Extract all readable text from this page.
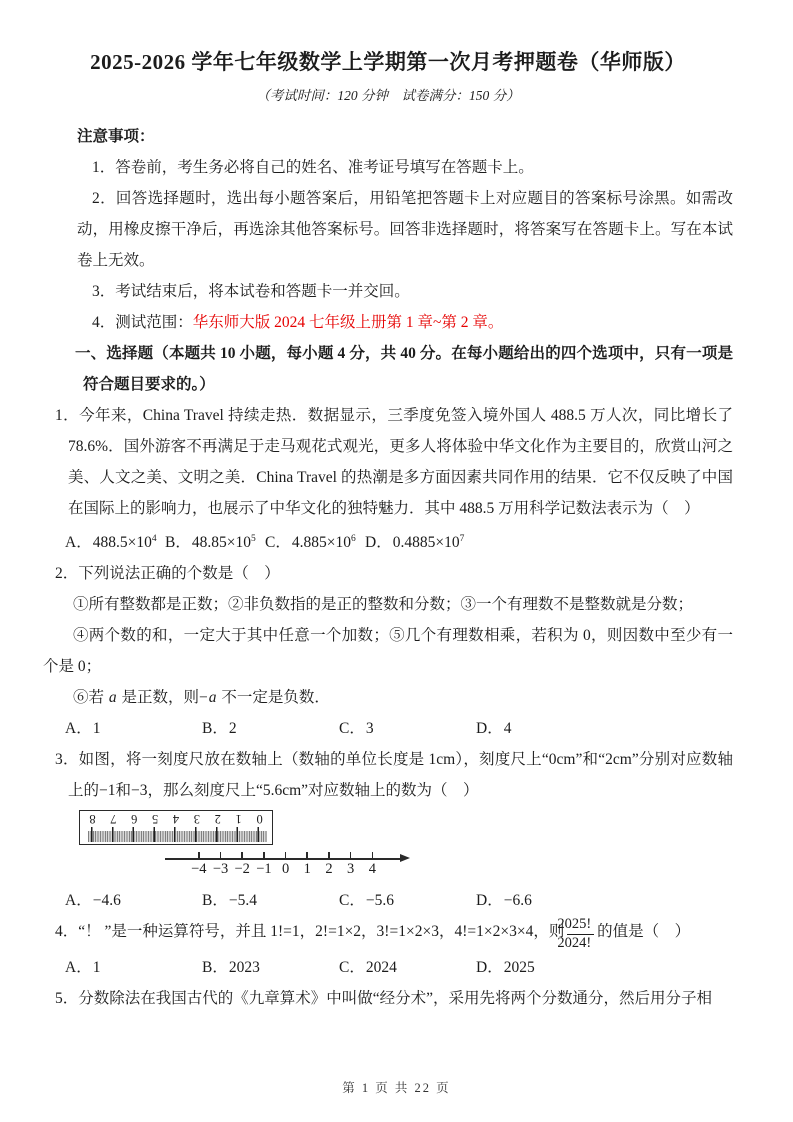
2025-2026 学年七年级数学上学期第一次月考押题卷（华师版）
（考试时间：120 分钟　试卷满分：150 分）
注意事项：

1．答卷前，考生务必将自己的姓名、准考证号填写在答题卡上。

2．回答选择题时，选出每小题答案后，用铅笔把答题卡上对应题目的答案标号涂黑。如需改动，用橡皮擦干净后，再选涂其他答案标号。回答非选择题时，将答案写在答题卡上。写在本试卷上无效。

3．考试结束后，将本试卷和答题卡一并交回。

4．测试范围：华东师大版 2024 七年级上册第 1 章~第 2 章。

一、选择题（本题共 10 小题，每小题 4 分，共 40 分。在每小题给出的四个选项中，只有一项是符合题目要求的。）

1．今年来，China Travel 持续走热．数据显示，三季度免签入境外国人 488.5 万人次，同比增长了 78.6%．国外游客不再满足于走马观花式观光，更多人将体验中华文化作为主要目的，欣赏山河之美、人文之美、文明之美．China Travel 的热潮是多方面因素共同作用的结果．它不仅反映了中国在国际上的影响力，也展示了中华文化的独特魅力．其中 488.5 万用科学记数法表示为（　）

A．$488.5\times 10^4$ B．$48.85\times 10^5$ C．$4.885\times 10^6$ D．$0.4885\times 10^7$

2．下列说法正确的个数是（　）

①所有整数都是正数；②非负数指的是正的整数和分数；③一个有理数不是整数就是分数；

④两个数的和，一定大于其中任意一个加数；⑤几个有理数相乘，若积为 0，则因数中至少有一个是 0；

⑥若 a 是正数，则−a 不一定是负数．

A．1	B．2	C．3	D．4

3．如图，将一刻度尺放在数轴上（数轴的单位长度是 1cm），刻度尺上“0cm”和“2cm”分别对应数轴上的−1和−3，那么刻度尺上“5.6cm”对应数轴上的数为（　）

0
1
2
3
4
5
6
7
8
−4 −3 −2 −1 0 1 2 3 4
A．−4.6	B．−5.4	C．−5.6	D．−6.6

4．“！ ”是一种运算符号，并且 1!=1，2!=1×2，3!=1×2×3，4!=1×2×3×4，则 $\frac{2025!}{2024!}$ 的值是（　）

A．1	B．2023	C．2024	D．2025

5．分数除法在我国古代的《九章算术》中叫做“经分术”，采用先将两个分数通分，然后用分子相

第 1 页 共 22 页
